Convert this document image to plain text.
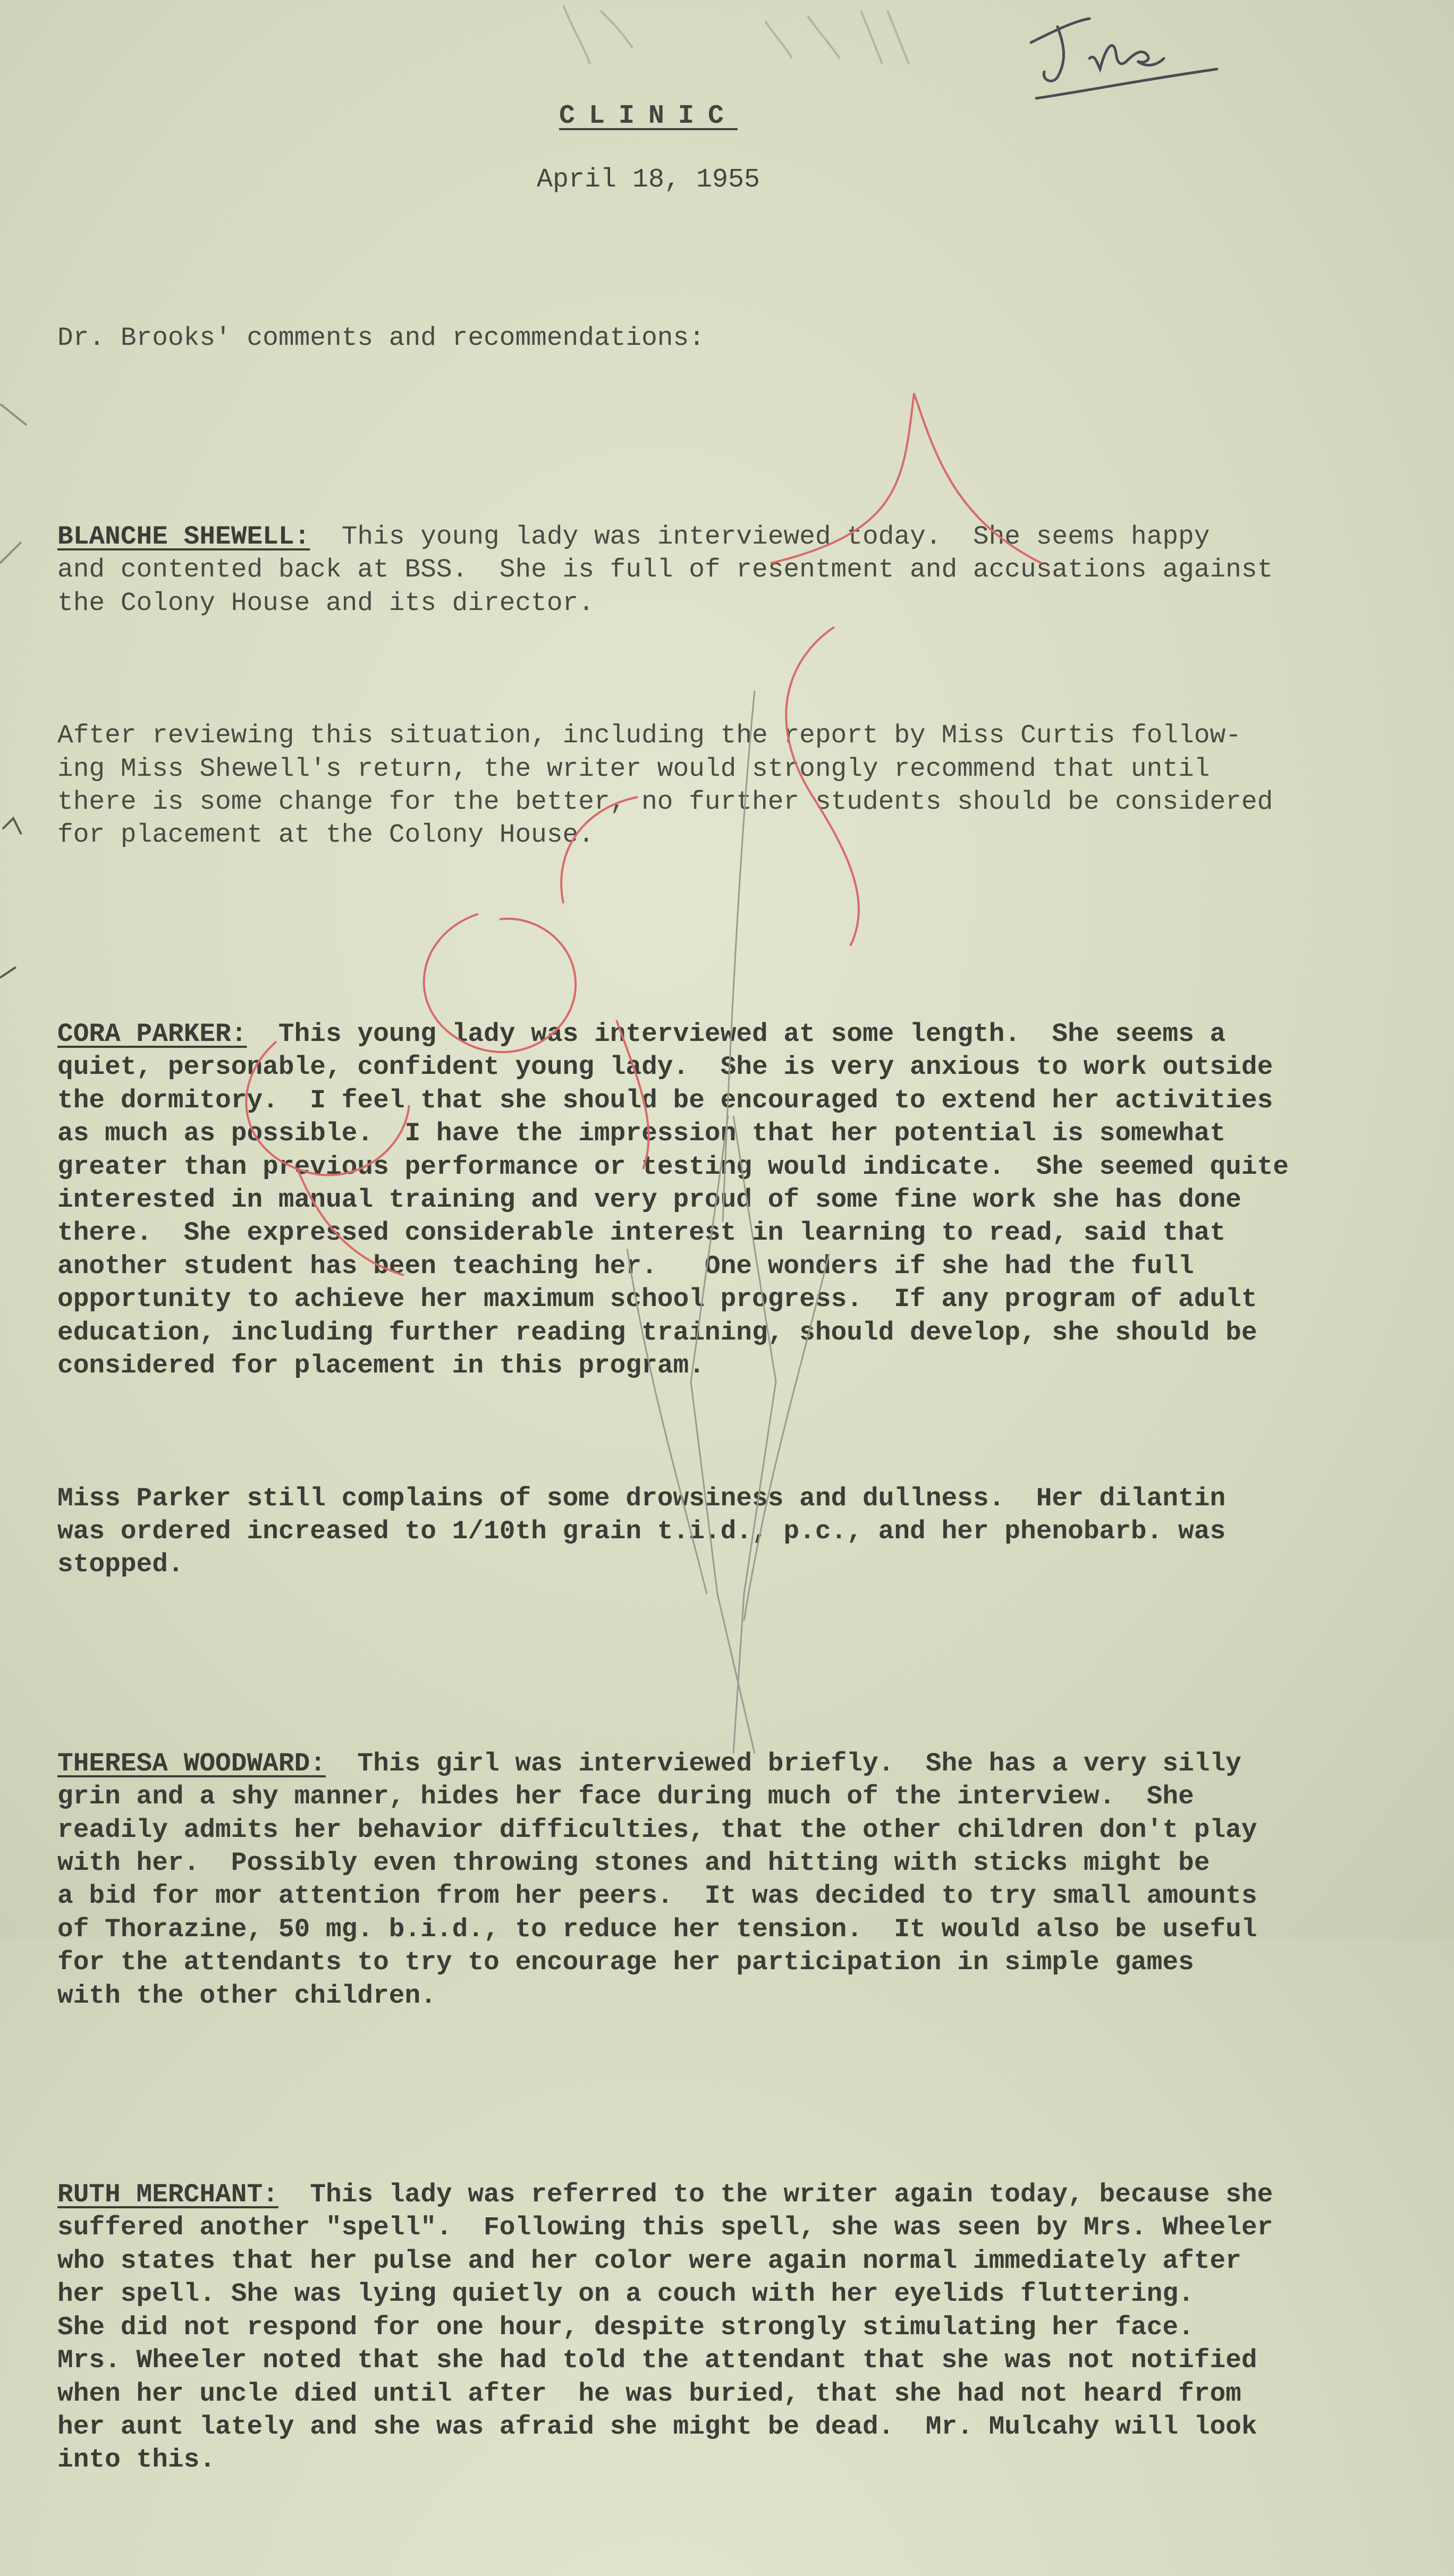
CLINIC
April 18, 1955

Dr. Brooks' comments and recommendations:

BLANCHE SHEWELL: This young lady was interviewed today.  She seems happy
and contented back at BSS.  She is full of resentment and accusations against
the Colony House and its director.

After reviewing this situation, including the report by Miss Curtis follow-
ing Miss Shewell's return, the writer would strongly recommend that until
there is some change for the better, no further students should be considered
for placement at the Colony House.

CORA PARKER: This young lady was interviewed at some length.  She seems a
quiet, personable, confident young lady.  She is very anxious to work outside
the dormitory.  I feel that she should be encouraged to extend her activities
as much as possible.  I have the impression that her potential is somewhat
greater than previous performance or testing would indicate.  She seemed quite
interested in manual training and very proud of some fine work she has done
there.  She expressed considerable interest in learning to read, said that
another student has been teaching her.   One wonders if she had the full
opportunity to achieve her maximum school progress.  If any program of adult
education, including further reading training, should develop, she should be
considered for placement in this program.

Miss Parker still complains of some drowsiness and dullness.  Her dilantin
was ordered increased to 1/10th grain t.i.d., p.c., and her phenobarb. was
stopped.

THERESA WOODWARD: This girl was interviewed briefly.  She has a very silly
grin and a shy manner, hides her face during much of the interview.  She
readily admits her behavior difficulties, that the other children don't play
with her.  Possibly even throwing stones and hitting with sticks might be
a bid for mor attention from her peers.  It was decided to try small amounts
of Thorazine, 50 mg. b.i.d., to reduce her tension.  It would also be useful
for the attendants to try to encourage her participation in simple games
with the other children.

RUTH MERCHANT: This lady was referred to the writer again today, because she
suffered another "spell".  Following this spell, she was seen by Mrs. Wheeler
who states that her pulse and her color were again normal immediately after
her spell. She was lying quietly on a couch with her eyelids fluttering.
She did not respond for one hour, despite strongly stimulating her face.
Mrs. Wheeler noted that she had told the attendant that she was not notified
when her uncle died until after  he was buried, that she had not heard from
her aunt lately and she was afraid she might be dead.  Mr. Mulcahy will look
into this.
